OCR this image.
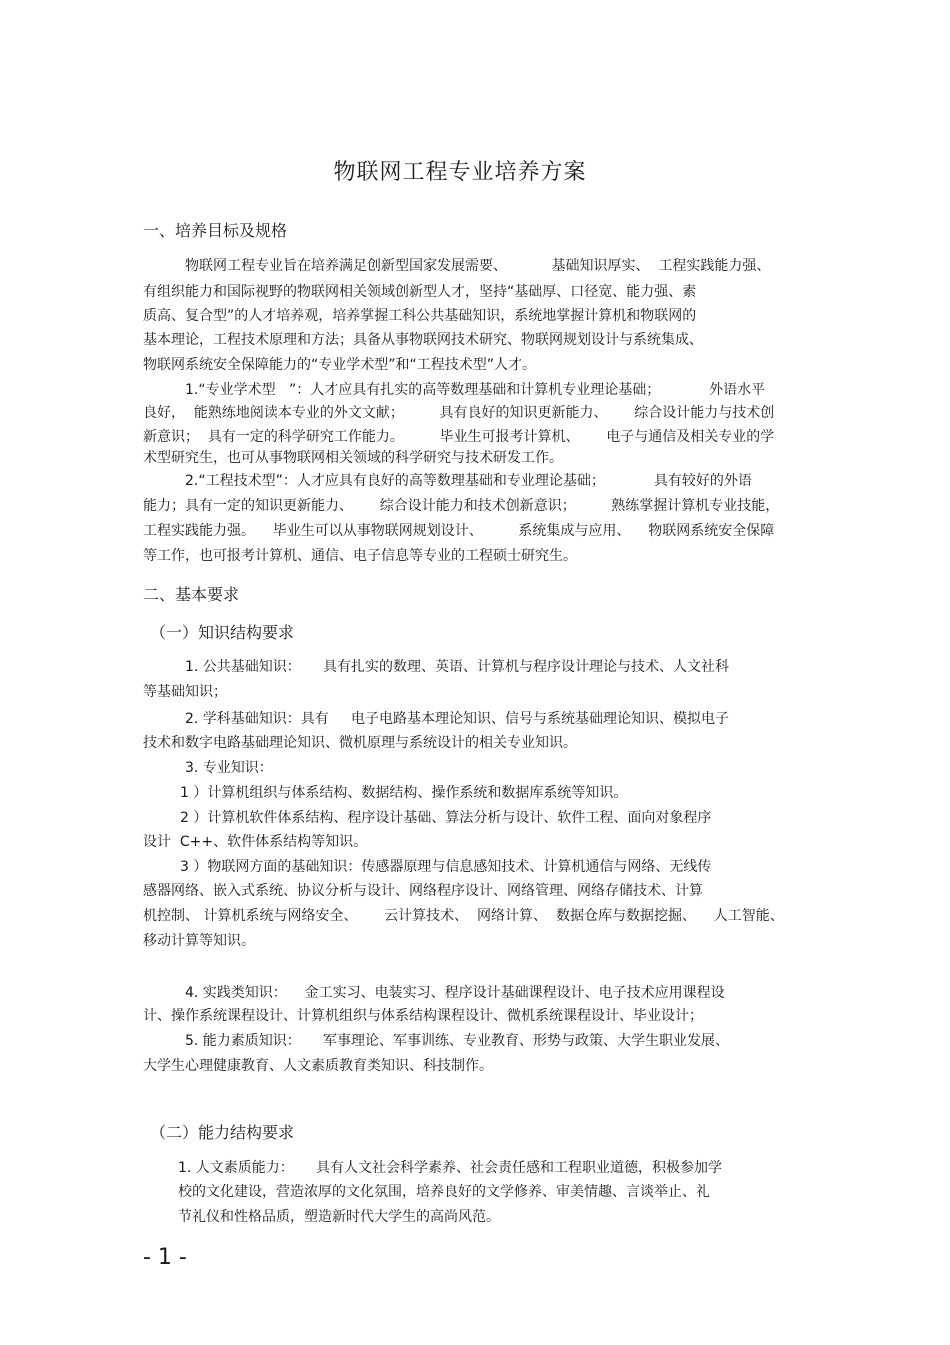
物联网工程专业培养方案
一、培养目标及规格
物联网工程专业旨在培养满足创新型国家发展需要、          基础知识厚实、  工程实践能力强、
有组织能力和国际视野的物联网相关领域创新型人才，坚持“基础厚、口径宽、能力强、素
质高、复合型”的人才培养观，培养掌握工科公共基础知识，系统地掌握计算机和物联网的
基本理论，工程技术原理和方法；具备从事物联网技术研究、物联网规划设计与系统集成、
物联网系统安全保障能力的“专业学术型”和“工程技术型”人才。
1.“专业学术型   ”：人才应具有扎实的高等数理基础和计算机专业理论基础；           外语水平
良好，  能熟练地阅读本专业的外文文献；        具有良好的知识更新能力、      综合设计能力与技术创
新意识；  具有一定的科学研究工作能力。        毕业生可报考计算机、      电子与通信及相关专业的学
术型研究生，也可从事物联网相关领域的科学研究与技术研发工作。
2.“工程技术型”：人才应具有良好的高等数理基础和专业理论基础；           具有较好的外语
能力；具有一定的知识更新能力、      综合设计能力和技术创新意识；        熟练掌握计算机专业技能，
工程实践能力强。    毕业生可以从事物联网规划设计、        系统集成与应用、    物联网系统安全保障
等工作，也可报考计算机、通信、电子信息等专业的工程硕士研究生。
二、基本要求
（一）知识结构要求
1. 公共基础知识：     具有扎实的数理、英语、计算机与程序设计理论与技术、人文社科
等基础知识；
2. 学科基础知识：具有     电子电路基本理论知识、信号与系统基础理论知识、模拟电子
技术和数字电路基础理论知识、微机原理与系统设计的相关专业知识。
3. 专业知识：
1 ）计算机组织与体系结构、数据结构、操作系统和数据库系统等知识。
2 ）计算机软件体系结构、程序设计基础、算法分析与设计、软件工程、面向对象程序
设计  C++、软件体系结构等知识。
3 ）物联网方面的基础知识：传感器原理与信息感知技术、计算机通信与网络、无线传
感器网络、嵌入式系统、协议分析与设计、网络程序设计、网络管理、网络存储技术、计算
机控制、 计算机系统与网络安全、      云计算技术、  网络计算、  数据仓库与数据挖掘、    人工智能、
移动计算等知识。
4. 实践类知识：    金工实习、电装实习、程序设计基础课程设计、电子技术应用课程设
计、操作系统课程设计、计算机组织与体系结构课程设计、微机系统课程设计、毕业设计；
5. 能力素质知识：     军事理论、军事训练、专业教育、形势与政策、大学生职业发展、
大学生心理健康教育、人文素质教育类知识、科技制作。
（二）能力结构要求
1. 人文素质能力：     具有人文社会科学素养、社会责任感和工程职业道德，积极参加学
校的文化建设，营造浓厚的文化氛围，培养良好的文学修养、审美情趣、言谈举止、礼
节礼仪和性格品质，塑造新时代大学生的高尚风范。
- 1 -
